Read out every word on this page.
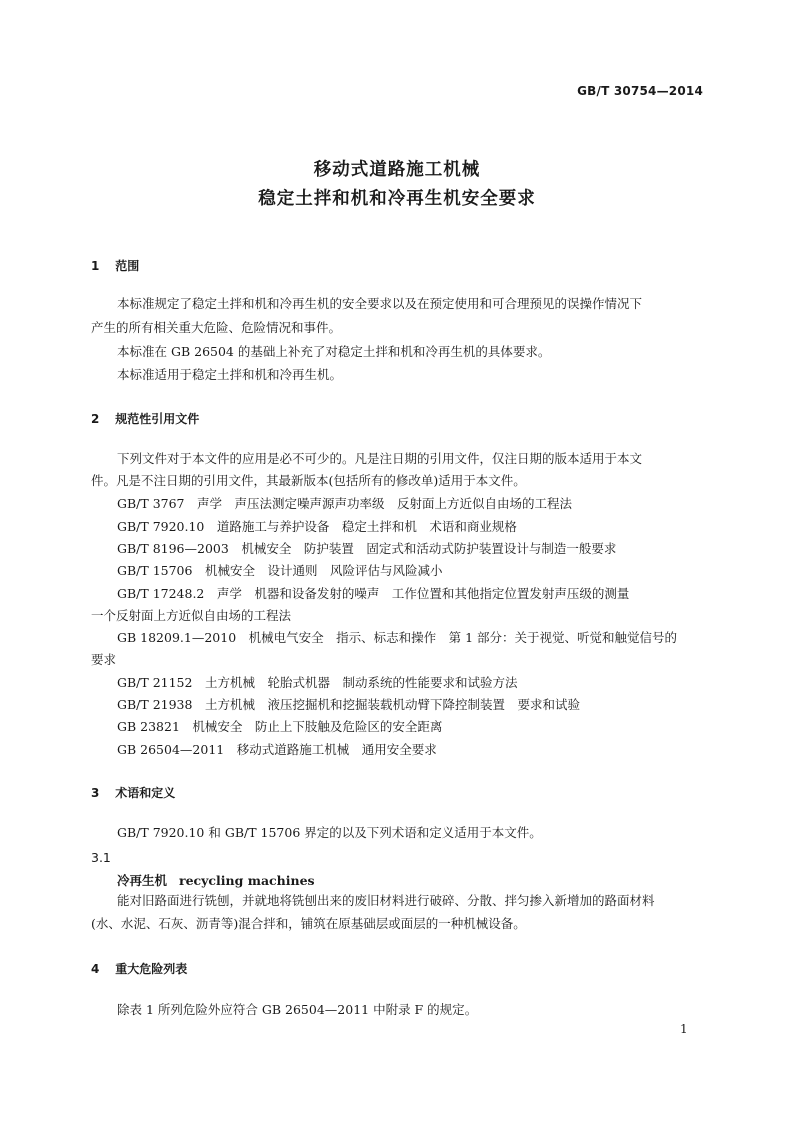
GB/T 30754—2014
移动式道路施工机械
稳定土拌和机和冷再生机安全要求
1 范围
本标准规定了稳定土拌和机和冷再生机的安全要求以及在预定使用和可合理预见的误操作情况下
产生的所有相关重大危险、危险情况和事件。
本标准在 GB 26504 的基础上补充了对稳定土拌和机和冷再生机的具体要求。
本标准适用于稳定土拌和机和冷再生机。
2 规范性引用文件
下列文件对于本文件的应用是必不可少的。凡是注日期的引用文件，仅注日期的版本适用于本文
件。凡是不注日期的引用文件，其最新版本(包括所有的修改单)适用于本文件。
GB/T 3767　声学　声压法测定噪声源声功率级　反射面上方近似自由场的工程法
GB/T 7920.10　道路施工与养护设备　稳定土拌和机　术语和商业规格
GB/T 8196—2003　机械安全　防护装置　固定式和活动式防护装置设计与制造一般要求
GB/T 15706　机械安全　设计通则　风险评估与风险减小
GB/T 17248.2　声学　机器和设备发射的噪声　工作位置和其他指定位置发射声压级的测量
一个反射面上方近似自由场的工程法
GB 18209.1—2010　机械电气安全　指示、标志和操作　第 1 部分：关于视觉、听觉和触觉信号的
要求
GB/T 21152　土方机械　轮胎式机器　制动系统的性能要求和试验方法
GB/T 21938　土方机械　液压挖掘机和挖掘装载机动臂下降控制装置　要求和试验
GB 23821　机械安全　防止上下肢触及危险区的安全距离
GB 26504—2011　移动式道路施工机械　通用安全要求
3 术语和定义
GB/T 7920.10 和 GB/T 15706 界定的以及下列术语和定义适用于本文件。
3.1
冷再生机 recycling machines
能对旧路面进行铣刨，并就地将铣刨出来的废旧材料进行破碎、分散、拌匀掺入新增加的路面材料
(水、水泥、石灰、沥青等)混合拌和，铺筑在原基础层或面层的一种机械设备。
4 重大危险列表
除表 1 所列危险外应符合 GB 26504—2011 中附录 F 的规定。
1
